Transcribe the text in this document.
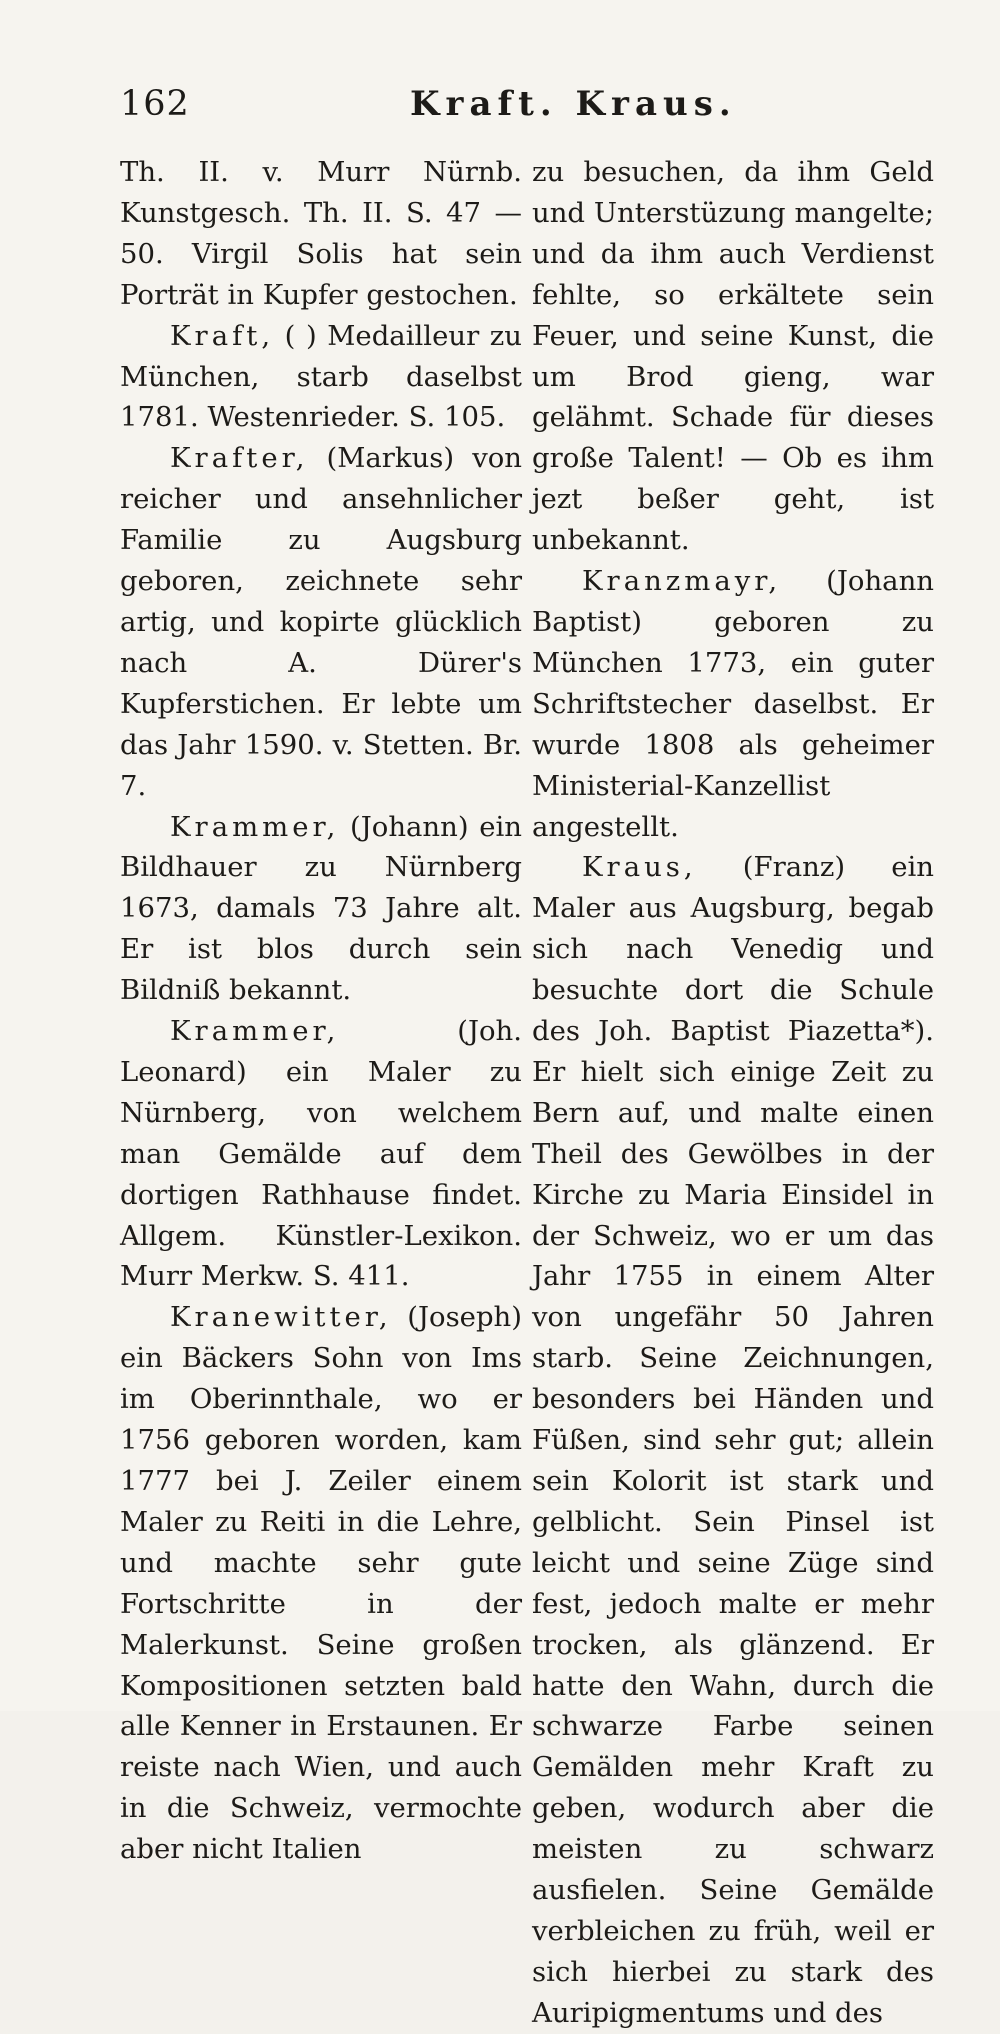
162	Kraft. Kraus.

Th. II. v. Murr Nürnb. Kunstgesch. Th. II. S. 47 — 50. Virgil Solis hat sein Porträt in Kupfer gestochen.

Kraft, ( ) Medailleur zu München, starb daselbst 1781. Westenrieder. S. 105.

Krafter, (Markus) von reicher und ansehnlicher Familie zu Augsburg geboren, zeichnete sehr artig, und kopirte glücklich nach A. Dürer's Kupferstichen. Er lebte um das Jahr 1590. v. Stetten. Br. 7.

Krammer, (Johann) ein Bildhauer zu Nürnberg 1673, damals 73 Jahre alt. Er ist blos durch sein Bildniß bekannt.

Krammer, (Joh. Leonard) ein Maler zu Nürnberg, von welchem man Gemälde auf dem dortigen Rathhause findet. Allgem. Künstler-Lexikon. Murr Merkw. S. 411.

Kranewitter, (Joseph) ein Bäckers Sohn von Ims im Oberinnthale, wo er 1756 geboren worden, kam 1777 bei J. Zeiler einem Maler zu Reiti in die Lehre, und machte sehr gute Fortschritte in der Malerkunst. Seine großen Kompositionen setzten bald alle Kenner in Erstaunen. Er reiste nach Wien, und auch in die Schweiz, vermochte aber nicht Italien

zu besuchen, da ihm Geld und Unterstüzung mangelte; und da ihm auch Verdienst fehlte, so erkältete sein Feuer, und seine Kunst, die um Brod gieng, war gelähmt. Schade für dieses große Talent! — Ob es ihm jezt beßer geht, ist unbekannt.

Kranzmayr, (Johann Baptist) geboren zu München 1773, ein guter Schriftstecher daselbst. Er wurde 1808 als geheimer Ministerial-Kanzellist angestellt.

Kraus, (Franz) ein Maler aus Augsburg, begab sich nach Venedig und besuchte dort die Schule des Joh. Baptist Piazetta*). Er hielt sich einige Zeit zu Bern auf, und malte einen Theil des Gewölbes in der Kirche zu Maria Einsidel in der Schweiz, wo er um das Jahr 1755 in einem Alter von ungefähr 50 Jahren starb. Seine Zeichnungen, besonders bei Händen und Füßen, sind sehr gut; allein sein Kolorit ist stark und gelblicht. Sein Pinsel ist leicht und seine Züge sind fest, jedoch malte er mehr trocken, als glänzend. Er hatte den Wahn, durch die schwarze Farbe seinen Gemälden mehr Kraft zu geben, wodurch aber die meisten zu schwarz ausfielen. Seine Gemälde verbleichen zu früh, weil er sich hierbei zu stark des Auripigmentums und des
